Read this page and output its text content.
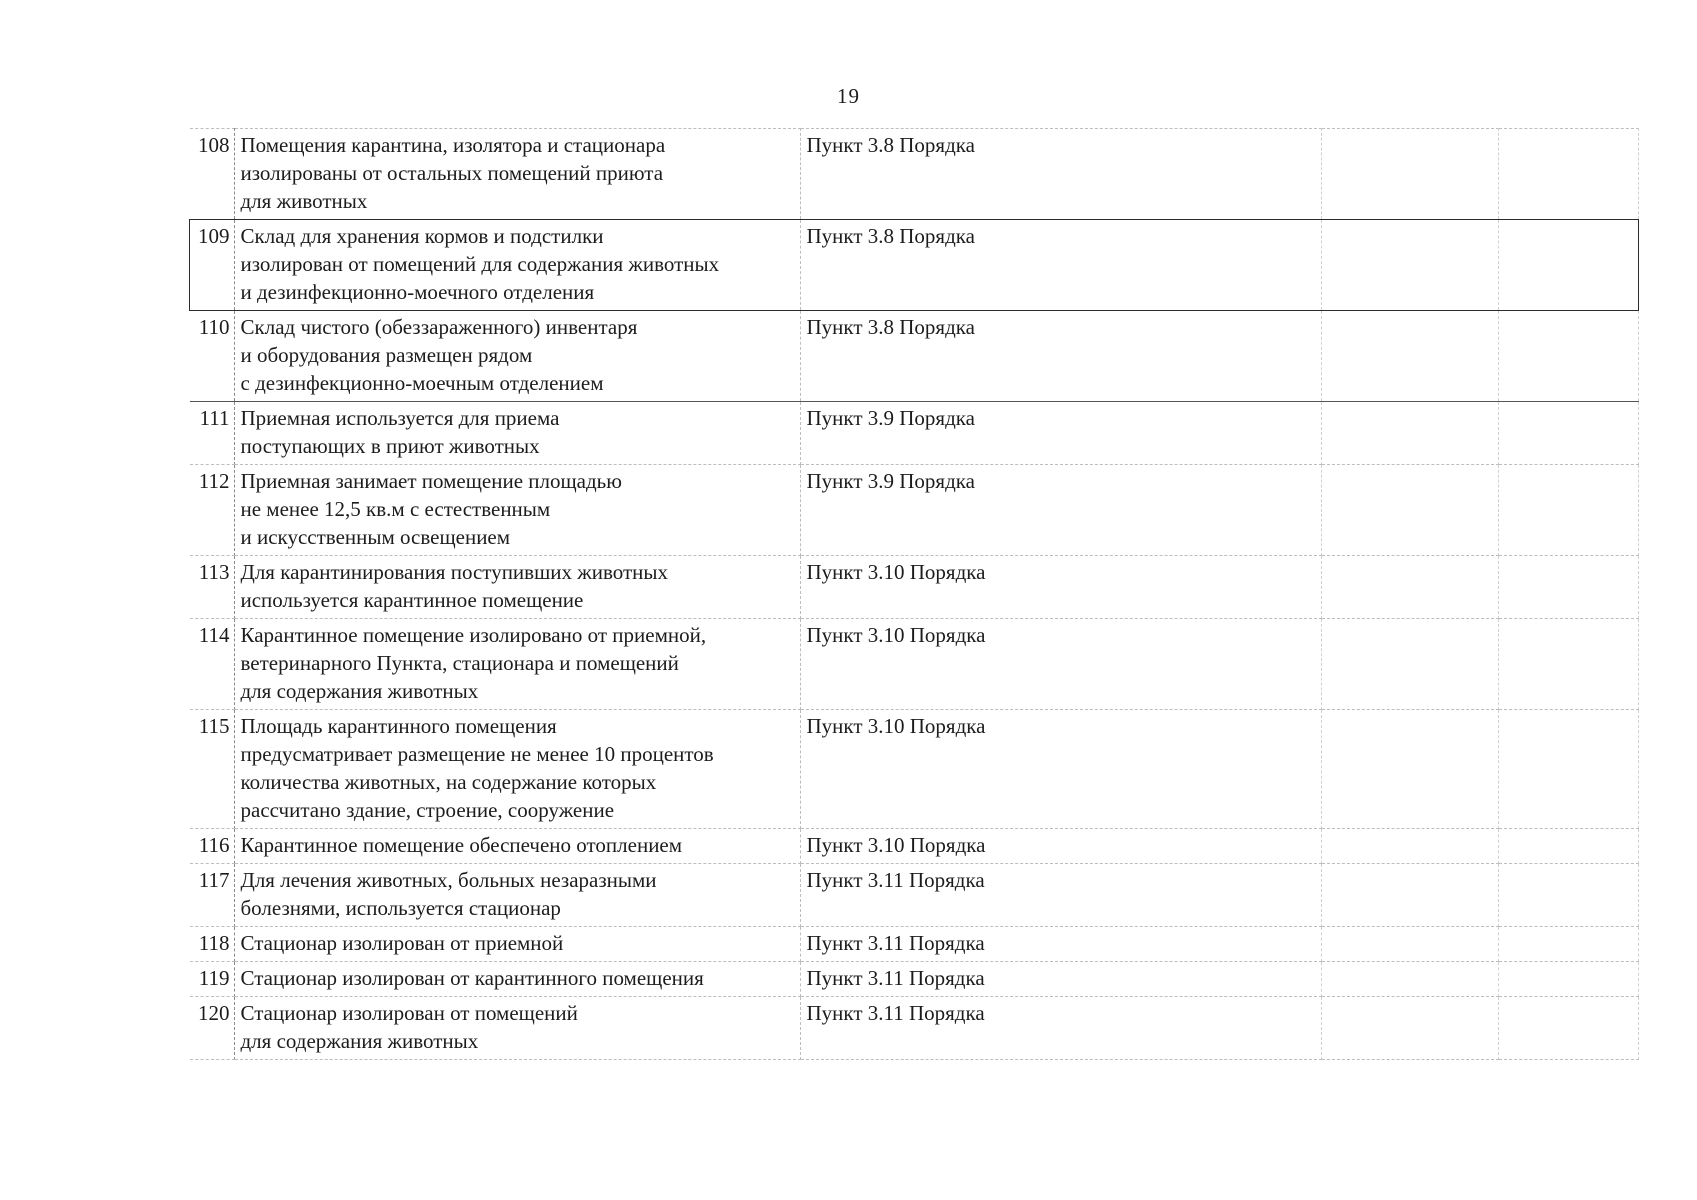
19
108	Помещения карантина, изолятора и стационара
изолированы от остальных помещений приюта
для животных	Пункт 3.8 Порядка		
109	Склад для хранения кормов и подстилки
изолирован от помещений для содержания животных
и дезинфекционно-моечного отделения	Пункт 3.8 Порядка		
110	Склад чистого (обеззараженного) инвентаря
и оборудования размещен рядом
с дезинфекционно-моечным отделением	Пункт 3.8 Порядка		
111	Приемная используется для приема
поступающих в приют животных	Пункт 3.9 Порядка		
112	Приемная занимает помещение площадью
не менее 12,5 кв.м с естественным
и искусственным освещением	Пункт 3.9 Порядка		
113	Для карантинирования поступивших животных
используется карантинное помещение	Пункт 3.10 Порядка		
114	Карантинное помещение изолировано от приемной,
ветеринарного Пункта, стационара и помещений
для содержания животных	Пункт 3.10 Порядка		
115	Площадь карантинного помещения
предусматривает размещение не менее 10 процентов
количества животных, на содержание которых
рассчитано здание, строение, сооружение	Пункт 3.10 Порядка		
116	Карантинное помещение обеспечено отоплением	Пункт 3.10 Порядка		
117	Для лечения животных, больных незаразными
болезнями, используется стационар	Пункт 3.11 Порядка		
118	Стационар изолирован от приемной	Пункт 3.11 Порядка		
119	Стационар изолирован от карантинного помещения	Пункт 3.11 Порядка		
120	Стационар изолирован от помещений
для содержания животных	Пункт 3.11 Порядка		
